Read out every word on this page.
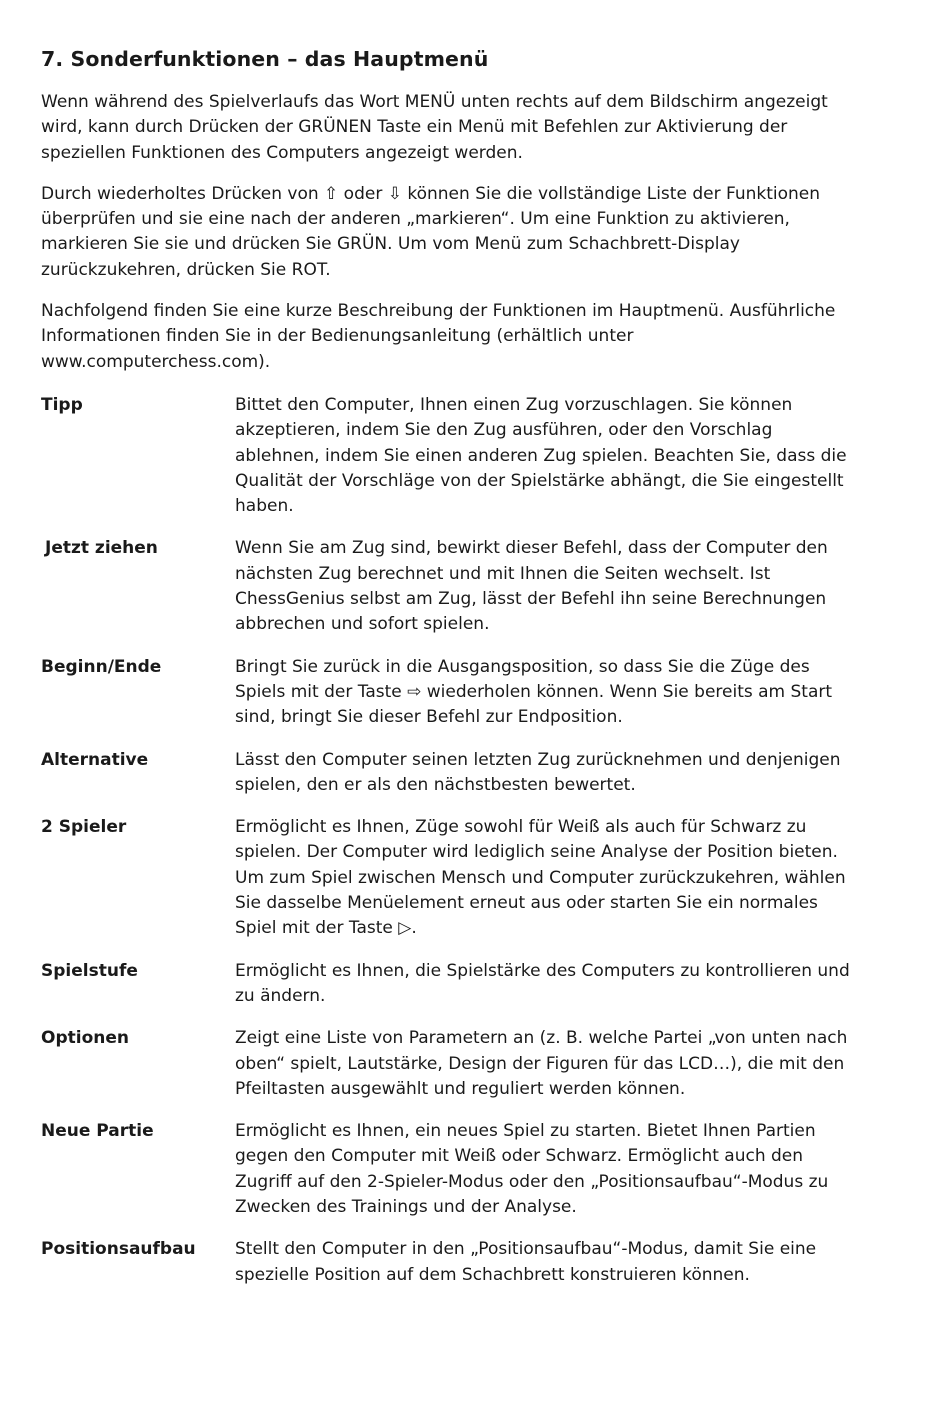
7. Sonderfunktionen – das Hauptmenü

Wenn während des Spielverlaufs das Wort MENÜ unten rechts auf dem Bildschirm angezeigt wird, kann durch Drücken der GRÜNEN Taste ein Menü mit Befehlen zur Aktivierung der speziellen Funktionen des Computers angezeigt werden.

Durch wiederholtes Drücken von ⇧ oder ⇩ können Sie die vollständige Liste der Funktionen überprüfen und sie eine nach der anderen „markieren“. Um eine Funktion zu aktivieren, markieren Sie sie und drücken Sie GRÜN. Um vom Menü zum Schachbrett-Display zurückzukehren, drücken Sie ROT.

Nachfolgend finden Sie eine kurze Beschreibung der Funktionen im Hauptmenü. Ausführliche Informationen finden Sie in der Bedienungsanleitung (erhältlich unter www.computerchess.com).

Tipp	Bittet den Computer, Ihnen einen Zug vorzuschlagen. Sie können akzeptieren, indem Sie den Zug ausführen, oder den Vorschlag ablehnen, indem Sie einen anderen Zug spielen. Beachten Sie, dass die Qualität der Vorschläge von der Spielstärke abhängt, die Sie eingestellt haben.
Jetzt ziehen	Wenn Sie am Zug sind, bewirkt dieser Befehl, dass der Computer den nächsten Zug berechnet und mit Ihnen die Seiten wechselt. Ist ChessGenius selbst am Zug, lässt der Befehl ihn seine Berechnungen abbrechen und sofort spielen.
Beginn/Ende	Bringt Sie zurück in die Ausgangsposition, so dass Sie die Züge des Spiels mit der Taste ⇨ wiederholen können. Wenn Sie bereits am Start sind, bringt Sie dieser Befehl zur Endposition.
Alternative	Lässt den Computer seinen letzten Zug zurücknehmen und denjenigen spielen, den er als den nächstbesten bewertet.
2 Spieler	Ermöglicht es Ihnen, Züge sowohl für Weiß als auch für Schwarz zu spielen. Der Computer wird lediglich seine Analyse der Position bieten. Um zum Spiel zwischen Mensch und Computer zurückzukehren, wählen Sie dasselbe Menüelement erneut aus oder starten Sie ein normales Spiel mit der Taste ▷.
Spielstufe	Ermöglicht es Ihnen, die Spielstärke des Computers zu kontrollieren und zu ändern.
Optionen	Zeigt eine Liste von Parametern an (z. B. welche Partei „von unten nach oben“ spielt, Lautstärke, Design der Figuren für das LCD…), die mit den Pfeiltasten ausgewählt und reguliert werden können.
Neue Partie	Ermöglicht es Ihnen, ein neues Spiel zu starten. Bietet Ihnen Partien gegen den Computer mit Weiß oder Schwarz. Ermöglicht auch den Zugriff auf den 2-Spieler-Modus oder den „Positionsaufbau“-Modus zu Zwecken des Trainings und der Analyse.
Positionsaufbau	Stellt den Computer in den „Positionsaufbau“-Modus, damit Sie eine spezielle Position auf dem Schachbrett konstruieren können.
